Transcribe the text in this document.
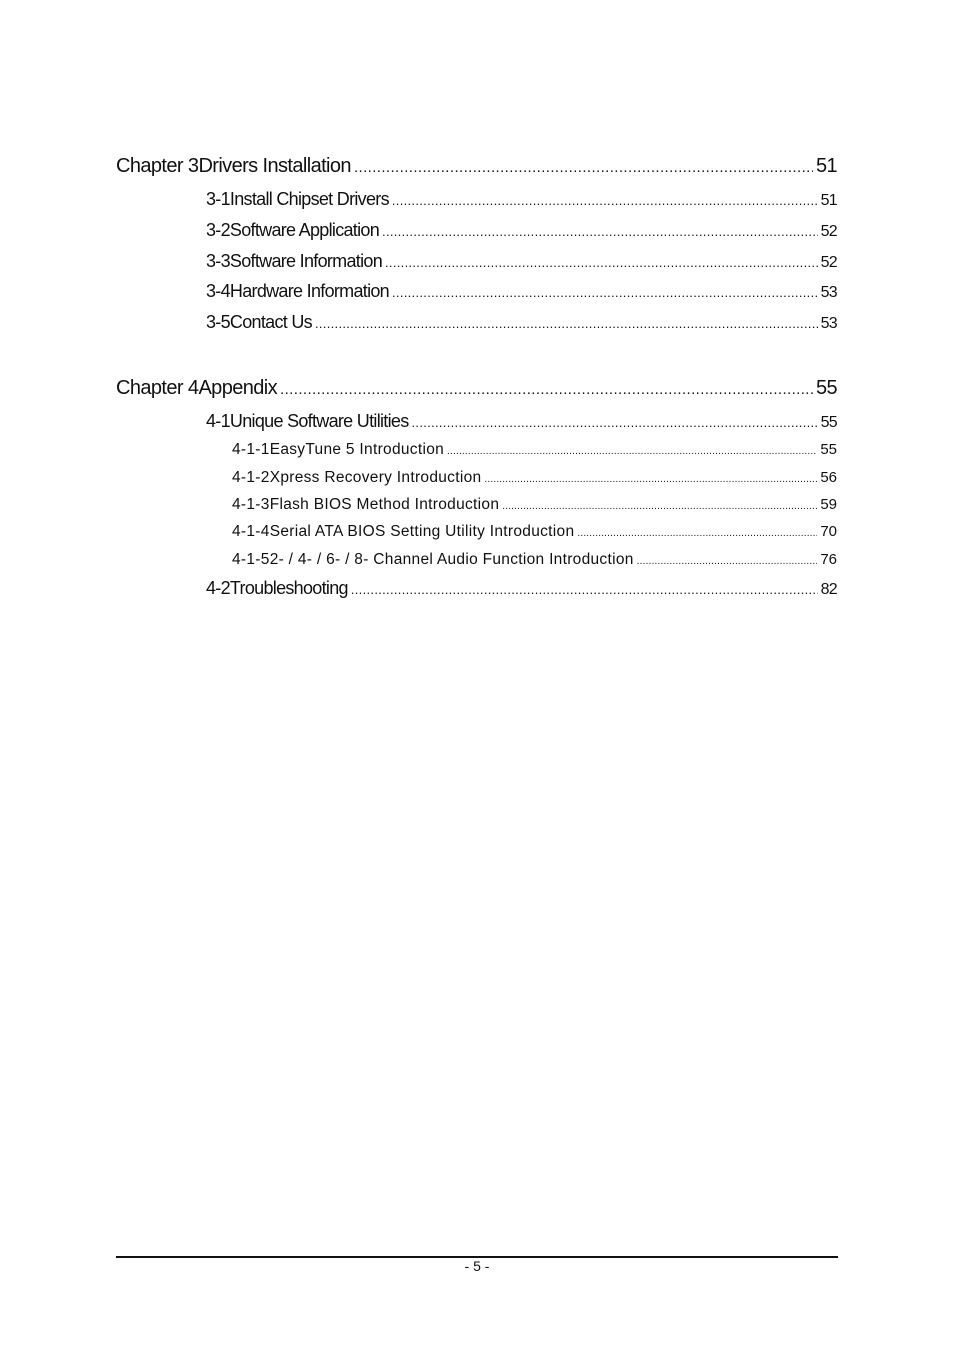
Chapter 3 Drivers Installation .....	51
3-1 Install Chipset Drivers .....	51
3-2 Software Application .....	52
3-3 Software Information .....	52
3-4 Hardware Information .....	53
3-5 Contact Us .....	53
Chapter 4 Appendix .....	55
4-1 Unique Software Utilities .....	55
4-1-1 EasyTune 5 Introduction .....	55
4-1-2 Xpress Recovery Introduction .....	56
4-1-3 Flash BIOS Method Introduction .....	59
4-1-4 Serial ATA BIOS Setting Utility Introduction .....	70
4-1-5 2- / 4- / 6- / 8- Channel Audio Function Introduction .....	76
4-2 Troubleshooting .....	82
- 5 -
